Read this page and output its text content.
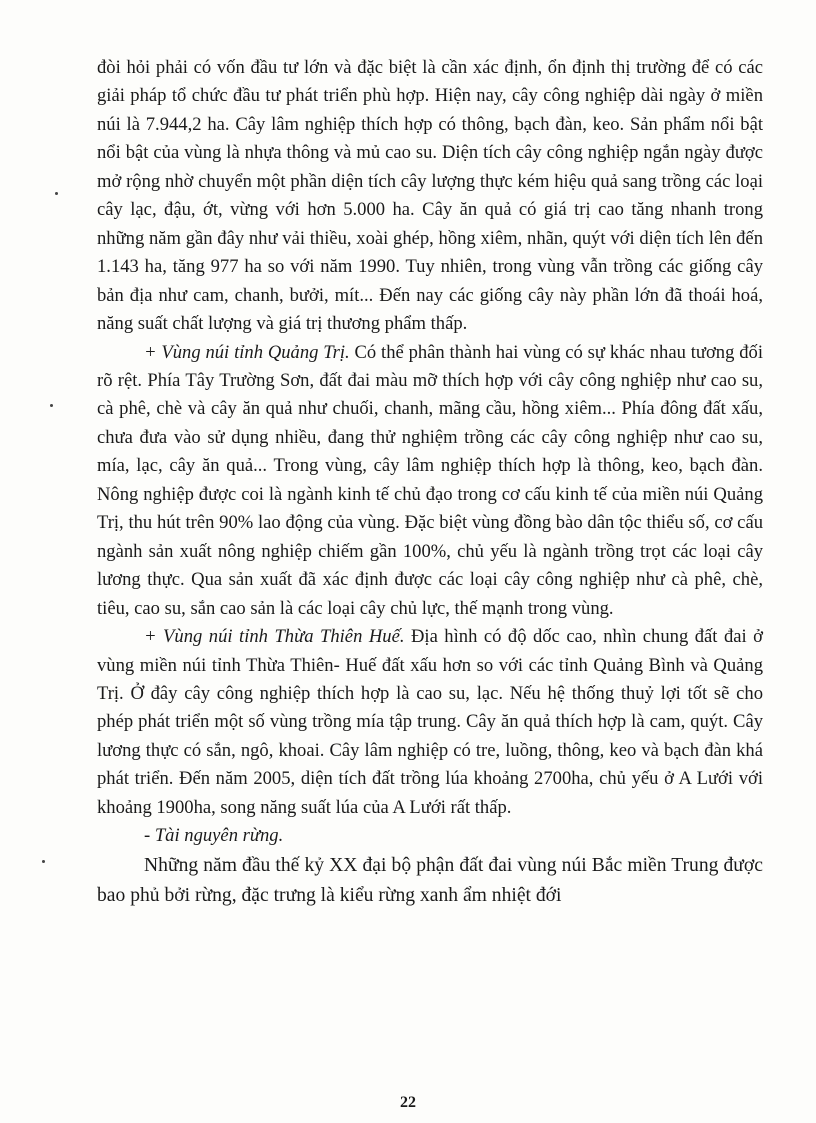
đòi hỏi phải có vốn đầu tư lớn và đặc biệt là cần xác định, ổn định thị trường để có các giải pháp tổ chức đầu tư phát triển phù hợp. Hiện nay, cây công nghiệp dài ngày ở miền núi là 7.944,2 ha. Cây lâm nghiệp thích hợp có thông, bạch đàn, keo. Sản phẩm nổi bật nổi bật của vùng là nhựa thông và mủ cao su. Diện tích cây công nghiệp ngắn ngày được mở rộng nhờ chuyển một phần diện tích cây lượng thực kém hiệu quả sang trồng các loại cây lạc, đậu, ớt, vừng với hơn 5.000 ha. Cây ăn quả có giá trị cao tăng nhanh trong những năm gần đây như vải thiều, xoài ghép, hồng xiêm, nhãn, quýt với diện tích lên đến 1.143 ha, tăng 977 ha so với năm 1990. Tuy nhiên, trong vùng vẫn trồng các giống cây bản địa như cam, chanh, bưởi, mít... Đến nay các giống cây này phần lớn đã thoái hoá, năng suất chất lượng và giá trị thương phẩm thấp.

+ Vùng núi tỉnh Quảng Trị. Có thể phân thành hai vùng có sự khác nhau tương đối rõ rệt. Phía Tây Trường Sơn, đất đai màu mỡ thích hợp với cây công nghiệp như cao su, cà phê, chè và cây ăn quả như chuối, chanh, mãng cầu, hồng xiêm... Phía đông đất xấu, chưa đưa vào sử dụng nhiều, đang thử nghiệm trồng các cây công nghiệp như cao su, mía, lạc, cây ăn quả... Trong vùng, cây lâm nghiệp thích hợp là thông, keo, bạch đàn. Nông nghiệp được coi là ngành kinh tế chủ đạo trong cơ cấu kinh tế của miền núi Quảng Trị, thu hút trên 90% lao động của vùng. Đặc biệt vùng đồng bào dân tộc thiểu số, cơ cấu ngành sản xuất nông nghiệp chiếm gần 100%, chủ yếu là ngành trồng trọt các loại cây lương thực. Qua sản xuất đã xác định được các loại cây công nghiệp như cà phê, chè, tiêu, cao su, sắn cao sản là các loại cây chủ lực, thế mạnh trong vùng.

+ Vùng núi tỉnh Thừa Thiên Huế. Địa hình có độ dốc cao, nhìn chung đất đai ở vùng miền núi tỉnh Thừa Thiên- Huế đất xấu hơn so với các tỉnh Quảng Bình và Quảng Trị. Ở đây cây công nghiệp thích hợp là cao su, lạc. Nếu hệ thống thuỷ lợi tốt sẽ cho phép phát triển một số vùng trồng mía tập trung. Cây ăn quả thích hợp là cam, quýt. Cây lương thực có sắn, ngô, khoai. Cây lâm nghiệp có tre, luồng, thông, keo và bạch đàn khá phát triển. Đến năm 2005, diện tích đất trồng lúa khoảng 2700ha, chủ yếu ở A Lưới với khoảng 1900ha, song năng suất lúa của A Lưới rất thấp.

- Tài nguyên rừng.

Những năm đầu thế kỷ XX đại bộ phận đất đai vùng núi Bắc miền Trung được bao phủ bởi rừng, đặc trưng là kiểu rừng xanh ẩm nhiệt đới

22
